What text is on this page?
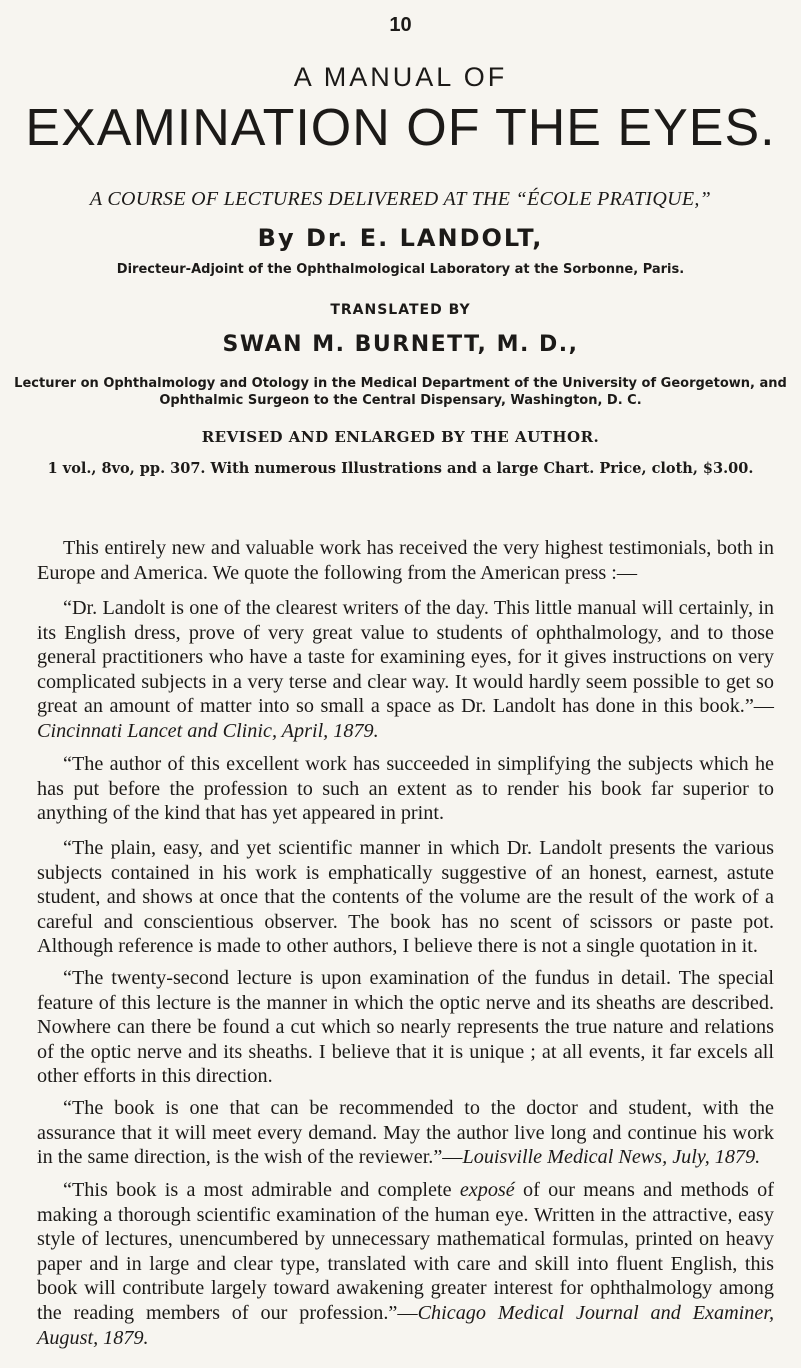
10
A MANUAL OF
EXAMINATION OF THE EYES.
A COURSE OF LECTURES DELIVERED AT THE “ÉCOLE PRATIQUE,”
By Dr. E. LANDOLT,
Directeur-Adjoint of the Ophthalmological Laboratory at the Sorbonne, Paris.
TRANSLATED BY
SWAN M. BURNETT, M. D.,
Lecturer on Ophthalmology and Otology in the Medical Department of the University of Georgetown, and Ophthalmic Surgeon to the Central Dispensary, Washington, D. C.
REVISED AND ENLARGED BY THE AUTHOR.
1 vol., 8vo, pp. 307. With numerous Illustrations and a large Chart. Price, cloth, $3.00.

This entirely new and valuable work has received the very highest testimonials, both in Europe and America. We quote the following from the American press :—

“Dr. Landolt is one of the clearest writers of the day. This little manual will certainly, in its English dress, prove of very great value to students of ophthalmology, and to those general practitioners who have a taste for examining eyes, for it gives instructions on very complicated subjects in a very terse and clear way. It would hardly seem possible to get so great an amount of matter into so small a space as Dr. Landolt has done in this book.”—Cincinnati Lancet and Clinic, April, 1879.

“The author of this excellent work has succeeded in simplifying the subjects which he has put before the profession to such an extent as to render his book far superior to anything of the kind that has yet appeared in print.

“The plain, easy, and yet scientific manner in which Dr. Landolt presents the various subjects contained in his work is emphatically suggestive of an honest, earnest, astute student, and shows at once that the contents of the volume are the result of the work of a careful and conscientious observer. The book has no scent of scissors or paste pot. Although reference is made to other authors, I believe there is not a single quotation in it.

“The twenty-second lecture is upon examination of the fundus in detail. The special feature of this lecture is the manner in which the optic nerve and its sheaths are described. Nowhere can there be found a cut which so nearly represents the true nature and relations of the optic nerve and its sheaths. I believe that it is unique ; at all events, it far excels all other efforts in this direction.

“The book is one that can be recommended to the doctor and student, with the assurance that it will meet every demand. May the author live long and continue his work in the same direction, is the wish of the reviewer.”—Louisville Medical News, July, 1879.

“This book is a most admirable and complete exposé of our means and methods of making a thorough scientific examination of the human eye. Written in the attractive, easy style of lectures, unencumbered by unnecessary mathematical formulas, printed on heavy paper and in large and clear type, translated with care and skill into fluent English, this book will contribute largely toward awakening greater interest for ophthalmology among the reading members of our profession.”—Chicago Medical Journal and Examiner, August, 1879.
